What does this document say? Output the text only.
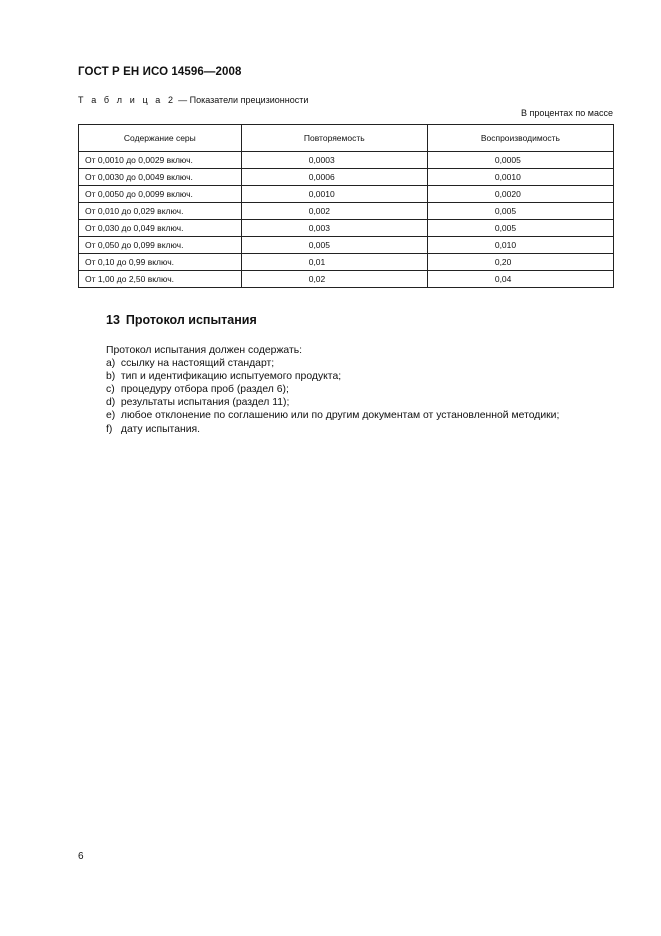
ГОСТ Р ЕН ИСО 14596—2008
Т а б л и ц а 2 — Показатели прецизионности
В процентах по массе
Содержание серы	Повторяемость	Воспроизводимость
От 0,0010 до 0,0029 включ.	0,0003	0,0005
От 0,0030 до 0,0049 включ.	0,0006	0,0010
От 0,0050 до 0,0099 включ.	0,0010	0,0020
От 0,010 до 0,029 включ.	0,002	0,005
От 0,030 до 0,049 включ.	0,003	0,005
От 0,050 до 0,099 включ.	0,005	0,010
От 0,10 до 0,99 включ.	0,01	0,20
От 1,00 до 2,50 включ.	0,02	0,04
13 Протокол испытания
Протокол испытания должен содержать:
a) ссылку на настоящий стандарт;
b) тип и идентификацию испытуемого продукта;
c) процедуру отбора проб (раздел 6);
d) результаты испытания (раздел 11);
e) любое отклонение по соглашению или по другим документам от установленной методики;
f) дату испытания.
6
